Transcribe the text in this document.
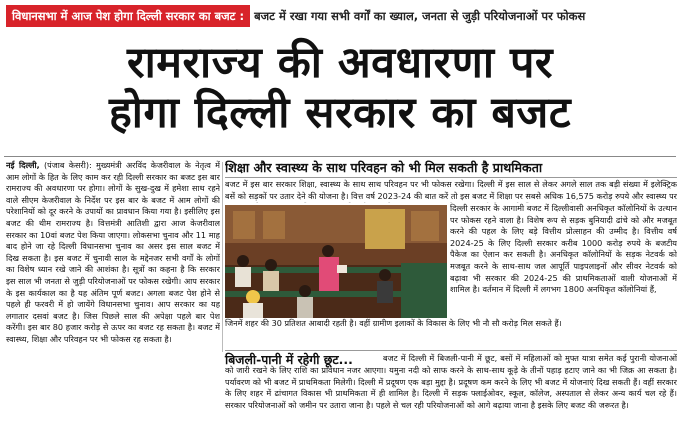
विधानसभा में आज पेश होगा दिल्ली सरकार का बजट : बजट में रखा गया सभी वर्गों का ख्याल, जनता से जुड़ी परियोजनाओं पर फोकस
रामराज्य की अवधारणा पर
होगा दिल्ली सरकार का बजट
नई दिल्ली, (पंजाब केसरी): मुख्यमंत्री अरविंद केजरीवाल के नेतृत्व में आम लोगों के हित के लिए काम कर रही दिल्ली सरकार का बजट इस बार रामराज्य की अवधारणा पर होगा। लोगों के सुख-दुख में हमेशा साथ रहने वाले सीएम केजरीवाल के निर्देश पर इस बार के बजट में आम लोगों की परेशानियों को दूर करने के उपायों का प्रावधान किया गया है। इसीलिए इस बजट की थीम रामराज्य है। वित्तमंत्री आतिशी द्वारा आज केजरीवाल सरकार का 10वां बजट पेश किया जाएगा। लोकसभा चुनाव और 11 माह बाद होने जा रहे दिल्ली विधानसभा चुनाव का असर इस साल बजट में दिख सकता है। इस बजट में चुनावी साल के मद्देनजर सभी वर्गों के लोगों का विशेष ध्यान रखे जाने की आशंका है। सूत्रों का कहना है कि सरकार इस साल भी जनता से जुड़ी परियोजनाओं पर फोकस रखेगी। आप सरकार के इस कार्यकाल का है यह अंतिम पूर्ण बजट। अगला बजट पेश होने से पहले ही फरवरी में हो जायेंगे विधानसभा चुनाव। आप सरकार का यह लगातार दसवां बजट है। जिस पिछले साल की अपेक्षा पहले बार पेश करेंगी। इस बार 80 हजार करोड़ से ऊपर का बजट रह सकता है। बजट में स्वास्थ्य, शिक्षा और परिवहन पर भी फोकस रह सकता है।
शिक्षा और स्वास्थ्य के साथ परिवहन को भी मिल सकती है प्राथमिकता
बजट में इस बार सरकार शिक्षा, स्वास्थ्य के साथ साथ परिवहन पर भी फोकस रखेगा। दिल्ली में इस साल से लेकर अगले साल तक बड़ी संख्या में इलेक्ट्रिक बसें को सड़कों पर उतार देने की योजना है। वित्त वर्ष 2023-24 की बात करें तो इस बजट में शिक्षा पर सबसे अधिक 16,575 करोड़ रुपये और स्वास्थ्य पर
दिल्ली सरकार के आगामी बजट में दिल्लीवासी अनधिकृत कॉलोनियों के उत्थान पर फोकस रहने वाला है। विशेष रूप से सड़क बुनियादी ढांचे को और मजबूत करने की पहल के लिए बड़े वित्तीय प्रोत्साहन की उम्मीद है। वित्तीय वर्ष 2024-25 के लिए दिल्ली सरकार करीब 1000 करोड़ रुपये के बजटीय पैकेज का ऐलान कर सकती है। अनधिकृत कॉलोनियों के सड़क नेटवर्क को मजबूत करने के साथ-साथ जल आपूर्ति पाइपलाइनों और सीवर नेटवर्क को बढ़ावा भी सरकार की 2024-25 की प्राथमिकताओं वाली योजनाओं में शामिल है। वर्तमान में दिल्ली में लगभग 1800 अनधिकृत कॉलोनियां हैं,
जिनमें शहर की 30 प्रतिशत आबादी रहती है। वहीं ग्रामीण इलाकों के विकास के लिए भी नौ सौ करोड़ मिल सकते हैं।
बिजली-पानी में रहेगी छूट...	बजट में दिल्ली में बिजली-पानी में छूट, बसों में महिलाओं को मुफ्त यात्रा समेत कई पुरानी योजनाओं को जारी रखने के लिए राशि का प्रावधान नजर आएगा। यमुना नदी को साफ करने के साथ-साथ कूड़े के तीनों पहाड़ हटाए जाने का भी जिक्र आ सकता है। पर्यावरण को भी बजट में प्राथमिकता मिलेगी। दिल्ली में प्रदूषण एक बड़ा मुद्दा है। प्रदूषण कम करने के लिए भी बजट में योजनाएं दिख सकती हैं। वहीं सरकार के लिए शहर में ढांचागत विकास भी प्राथमिकता में ही शामिल है। दिल्ली में सड़क फ्लाईओवर, स्कूल, कॉलेज, अस्पताल से लेकर अन्य कार्य चल रहे हैं। सरकार परियोजनाओं को जमीन पर उतारा जाना है। पहले से चल रही परियोजनाओं को आगे बढ़ाया जाना है इसके लिए बजट की जरूरत है।
